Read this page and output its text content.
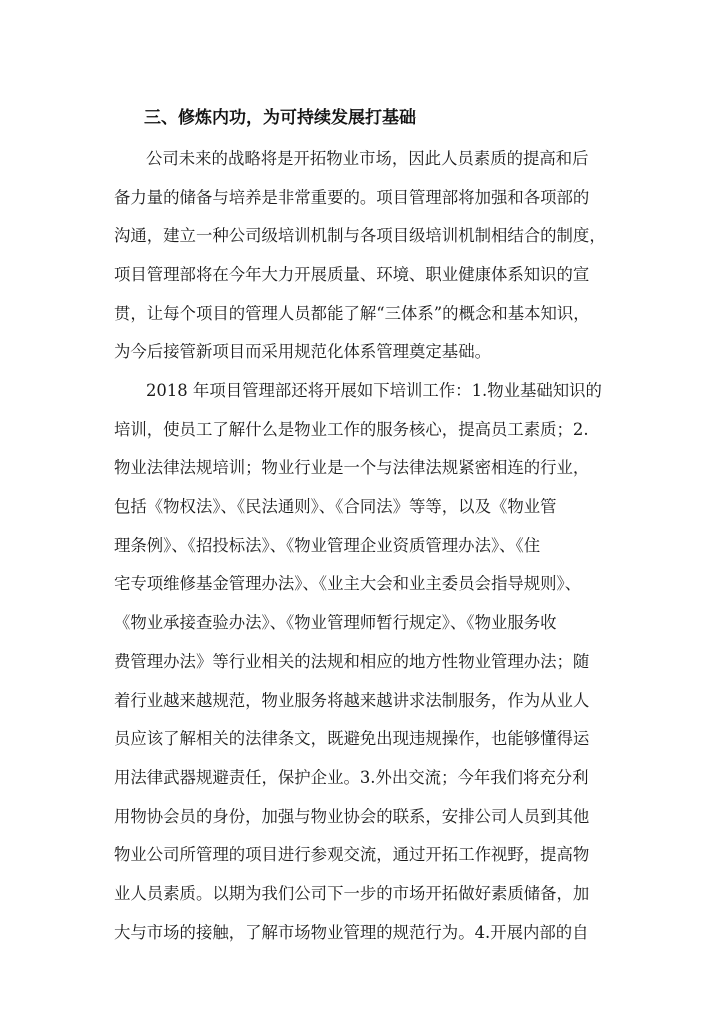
三、修炼内功，为可持续发展打基础
公司未来的战略将是开拓物业市场，因此人员素质的提高和后
备力量的储备与培养是非常重要的。项目管理部将加强和各项部的
沟通，建立一种公司级培训机制与各项目级培训机制相结合的制度，
项目管理部将在今年大力开展质量、环境、职业健康体系知识的宣
贯，让每个项目的管理人员都能了解“三体系”的概念和基本知识，
为今后接管新项目而采用规范化体系管理奠定基础。
2018 年项目管理部还将开展如下培训工作：1.物业基础知识的
培训，使员工了解什么是物业工作的服务核心，提高员工素质；2.
物业法律法规培训；物业行业是一个与法律法规紧密相连的行业，
包括《物权法》、《民法通则》、《合同法》等等，以及《物业管
理条例》、《招投标法》、《物业管理企业资质管理办法》、《住
宅专项维修基金管理办法》、《业主大会和业主委员会指导规则》、
《物业承接查验办法》、《物业管理师暂行规定》、《物业服务收
费管理办法》等行业相关的法规和相应的地方性物业管理办法；随
着行业越来越规范，物业服务将越来越讲求法制服务，作为从业人
员应该了解相关的法律条文，既避免出现违规操作，也能够懂得运
用法律武器规避责任，保护企业。3.外出交流；今年我们将充分利
用物协会员的身份，加强与物业协会的联系，安排公司人员到其他
物业公司所管理的项目进行参观交流，通过开拓工作视野，提高物
业人员素质。以期为我们公司下一步的市场开拓做好素质储备，加
大与市场的接触，了解市场物业管理的规范行为。4.开展内部的自
